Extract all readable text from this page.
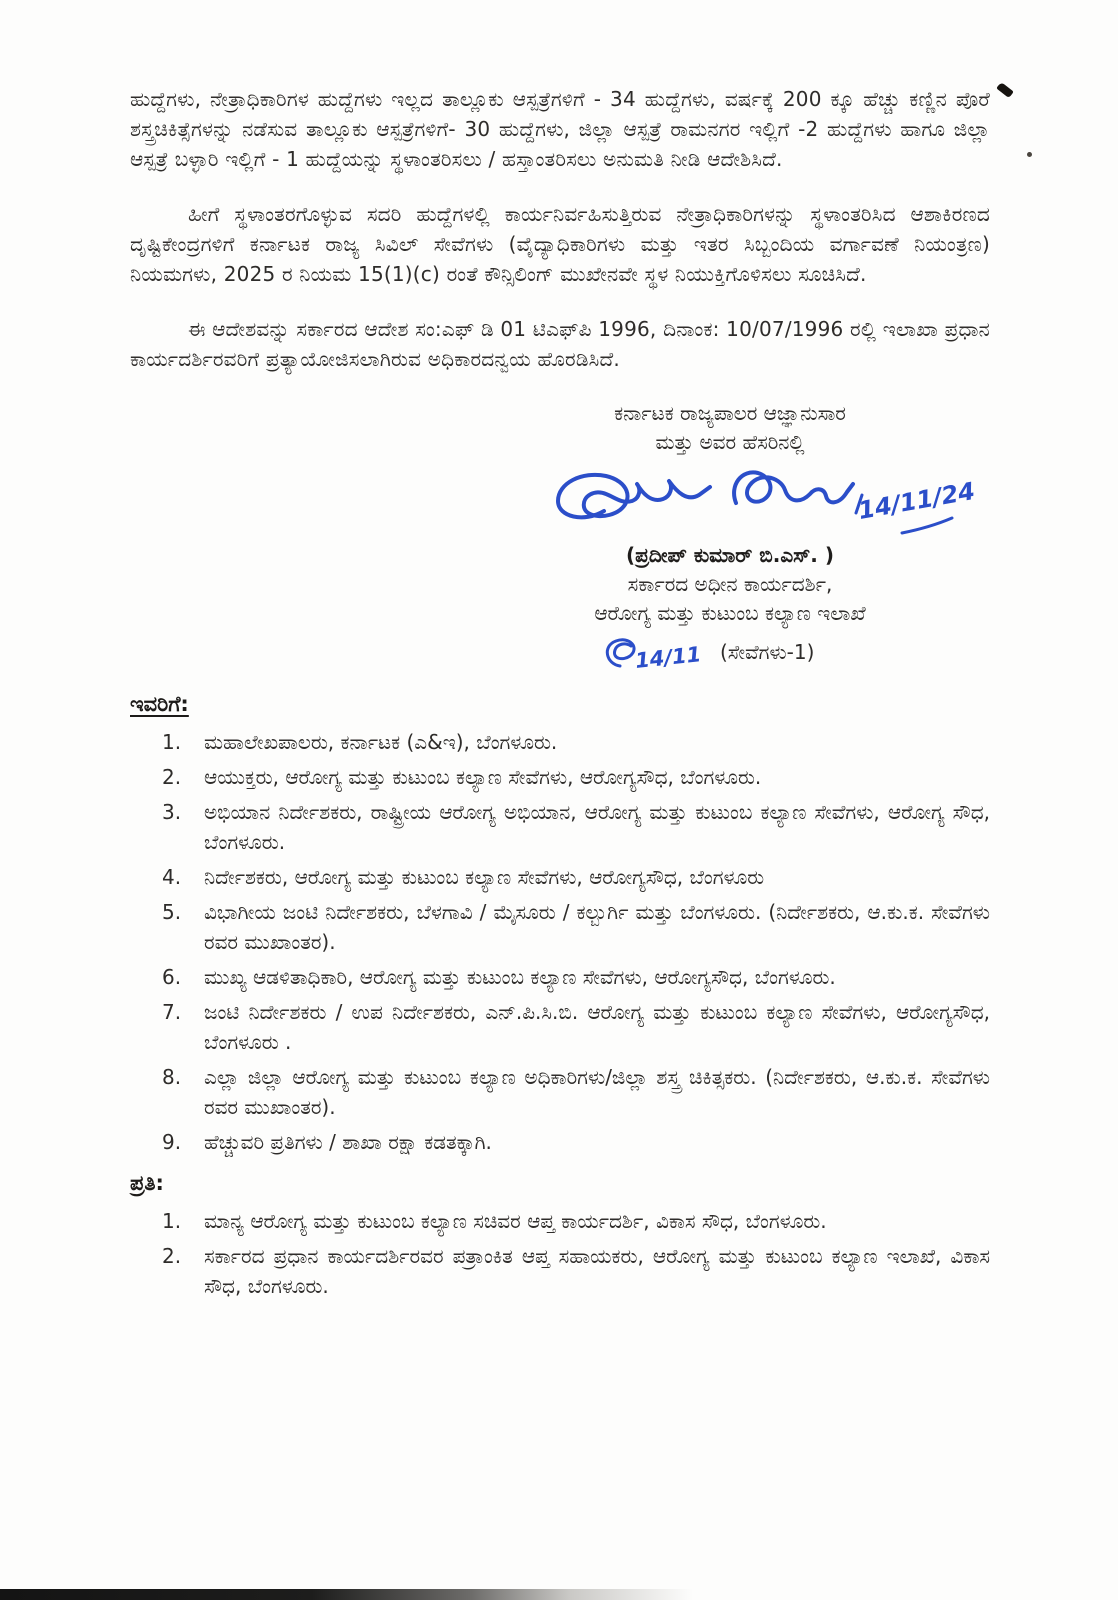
ಹುದ್ದೆಗಳು, ನೇತ್ರಾಧಿಕಾರಿಗಳ ಹುದ್ದೆಗಳು ಇಲ್ಲದ ತಾಲ್ಲೂಕು ಆಸ್ಪತ್ರೆಗಳಿಗೆ - 34 ಹುದ್ದೆಗಳು, ವರ್ಷಕ್ಕೆ 200 ಕ್ಕೂ ಹೆಚ್ಚು ಕಣ್ಣಿನ ಪೊರೆ ಶಸ್ತ್ರಚಿಕಿತ್ಸೆಗಳನ್ನು ನಡೆಸುವ ತಾಲ್ಲೂಕು ಆಸ್ಪತ್ರೆಗಳಿಗೆ- 30 ಹುದ್ದೆಗಳು, ಜಿಲ್ಲಾ ಆಸ್ಪತ್ರೆ ರಾಮನಗರ ಇಲ್ಲಿಗೆ -2 ಹುದ್ದೆಗಳು ಹಾಗೂ ಜಿಲ್ಲಾ ಆಸ್ಪತ್ರೆ ಬಳ್ಳಾರಿ ಇಲ್ಲಿಗೆ - 1 ಹುದ್ದೆಯನ್ನು ಸ್ಥಳಾಂತರಿಸಲು / ಹಸ್ತಾಂತರಿಸಲು ಅನುಮತಿ ನೀಡಿ ಆದೇಶಿಸಿದೆ.

ಹೀಗೆ ಸ್ಥಳಾಂತರಗೊಳ್ಳುವ ಸದರಿ ಹುದ್ದೆಗಳಲ್ಲಿ ಕಾರ್ಯನಿರ್ವಹಿಸುತ್ತಿರುವ ನೇತ್ರಾಧಿಕಾರಿಗಳನ್ನು ಸ್ಥಳಾಂತರಿಸಿದ ಆಶಾಕಿರಣದ ದೃಷ್ಟಿಕೇಂದ್ರಗಳಿಗೆ ಕರ್ನಾಟಕ ರಾಜ್ಯ ಸಿವಿಲ್ ಸೇವೆಗಳು (ವೈದ್ಯಾಧಿಕಾರಿಗಳು ಮತ್ತು ಇತರ ಸಿಬ್ಬಂದಿಯ ವರ್ಗಾವಣೆ ನಿಯಂತ್ರಣ) ನಿಯಮಗಳು, 2025 ರ ನಿಯಮ 15(1)(c) ರಂತೆ ಕೌನ್ಸಿಲಿಂಗ್ ಮುಖೇನವೇ ಸ್ಥಳ ನಿಯುಕ್ತಿಗೊಳಿಸಲು ಸೂಚಿಸಿದೆ.

ಈ ಆದೇಶವನ್ನು ಸರ್ಕಾರದ ಆದೇಶ ಸಂ:ಎಫ್ ಡಿ 01 ಟಿಎಫ್‌ಪಿ 1996, ದಿನಾಂಕ: 10/07/1996 ರಲ್ಲಿ ಇಲಾಖಾ ಪ್ರಧಾನ ಕಾರ್ಯದರ್ಶಿರವರಿಗೆ ಪ್ರತ್ಯಾಯೋಜಿಸಲಾಗಿರುವ ಅಧಿಕಾರದನ್ವಯ ಹೊರಡಿಸಿದೆ.

ಕರ್ನಾಟಕ ರಾಜ್ಯಪಾಲರ ಆಜ್ಞಾನುಸಾರ
ಮತ್ತು ಅವರ ಹೆಸರಿನಲ್ಲಿ
14/11/24
(ಪ್ರದೀಪ್ ಕುಮಾರ್ ಬಿ.ಎಸ್. )
ಸರ್ಕಾರದ ಅಧೀನ ಕಾರ್ಯದರ್ಶಿ,
ಆರೋಗ್ಯ ಮತ್ತು ಕುಟುಂಬ ಕಲ್ಯಾಣ ಇಲಾಖೆ
14/11 (ಸೇವೆಗಳು-1)
ಇವರಿಗೆ:
1.	ಮಹಾಲೇಖಪಾಲರು, ಕರ್ನಾಟಕ (ಎ&ಇ), ಬೆಂಗಳೂರು.
2.	ಆಯುಕ್ತರು, ಆರೋಗ್ಯ ಮತ್ತು ಕುಟುಂಬ ಕಲ್ಯಾಣ ಸೇವೆಗಳು, ಆರೋಗ್ಯಸೌಧ, ಬೆಂಗಳೂರು.
3.	ಅಭಿಯಾನ ನಿರ್ದೇಶಕರು, ರಾಷ್ಟ್ರೀಯ ಆರೋಗ್ಯ ಅಭಿಯಾನ, ಆರೋಗ್ಯ ಮತ್ತು ಕುಟುಂಬ ಕಲ್ಯಾಣ ಸೇವೆಗಳು, ಆರೋಗ್ಯ ಸೌಧ, ಬೆಂಗಳೂರು.
4.	ನಿರ್ದೇಶಕರು, ಆರೋಗ್ಯ ಮತ್ತು ಕುಟುಂಬ ಕಲ್ಯಾಣ ಸೇವೆಗಳು, ಆರೋಗ್ಯಸೌಧ, ಬೆಂಗಳೂರು
5.	ವಿಭಾಗೀಯ ಜಂಟಿ ನಿರ್ದೇಶಕರು, ಬೆಳಗಾವಿ / ಮೈಸೂರು / ಕಲ್ಬುರ್ಗಿ ಮತ್ತು ಬೆಂಗಳೂರು. (ನಿರ್ದೇಶಕರು, ಆ.ಕು.ಕ. ಸೇವೆಗಳು ರವರ ಮುಖಾಂತರ).
6.	ಮುಖ್ಯ ಆಡಳಿತಾಧಿಕಾರಿ, ಆರೋಗ್ಯ ಮತ್ತು ಕುಟುಂಬ ಕಲ್ಯಾಣ ಸೇವೆಗಳು, ಆರೋಗ್ಯಸೌಧ, ಬೆಂಗಳೂರು.
7.	ಜಂಟಿ ನಿರ್ದೇಶಕರು / ಉಪ ನಿರ್ದೇಶಕರು, ಎನ್.ಪಿ.ಸಿ.ಬಿ. ಆರೋಗ್ಯ ಮತ್ತು ಕುಟುಂಬ ಕಲ್ಯಾಣ ಸೇವೆಗಳು, ಆರೋಗ್ಯಸೌಧ, ಬೆಂಗಳೂರು .
8.	ಎಲ್ಲಾ ಜಿಲ್ಲಾ ಆರೋಗ್ಯ ಮತ್ತು ಕುಟುಂಬ ಕಲ್ಯಾಣ ಅಧಿಕಾರಿಗಳು/ಜಿಲ್ಲಾ ಶಸ್ತ್ರ ಚಿಕಿತ್ಸಕರು. (ನಿರ್ದೇಶಕರು, ಆ.ಕು.ಕ. ಸೇವೆಗಳು ರವರ ಮುಖಾಂತರ).
9.	ಹೆಚ್ಚುವರಿ ಪ್ರತಿಗಳು / ಶಾಖಾ ರಕ್ಷಾ ಕಡತಕ್ಕಾಗಿ.
ಪ್ರತಿ:
1.	ಮಾನ್ಯ ಆರೋಗ್ಯ ಮತ್ತು ಕುಟುಂಬ ಕಲ್ಯಾಣ ಸಚಿವರ ಆಪ್ತ ಕಾರ್ಯದರ್ಶಿ, ವಿಕಾಸ ಸೌಧ, ಬೆಂಗಳೂರು.
2.	ಸರ್ಕಾರದ ಪ್ರಧಾನ ಕಾರ್ಯದರ್ಶಿರವರ ಪತ್ರಾಂಕಿತ ಆಪ್ತ ಸಹಾಯಕರು, ಆರೋಗ್ಯ ಮತ್ತು ಕುಟುಂಬ ಕಲ್ಯಾಣ ಇಲಾಖೆ, ವಿಕಾಸ ಸೌಧ, ಬೆಂಗಳೂರು.
